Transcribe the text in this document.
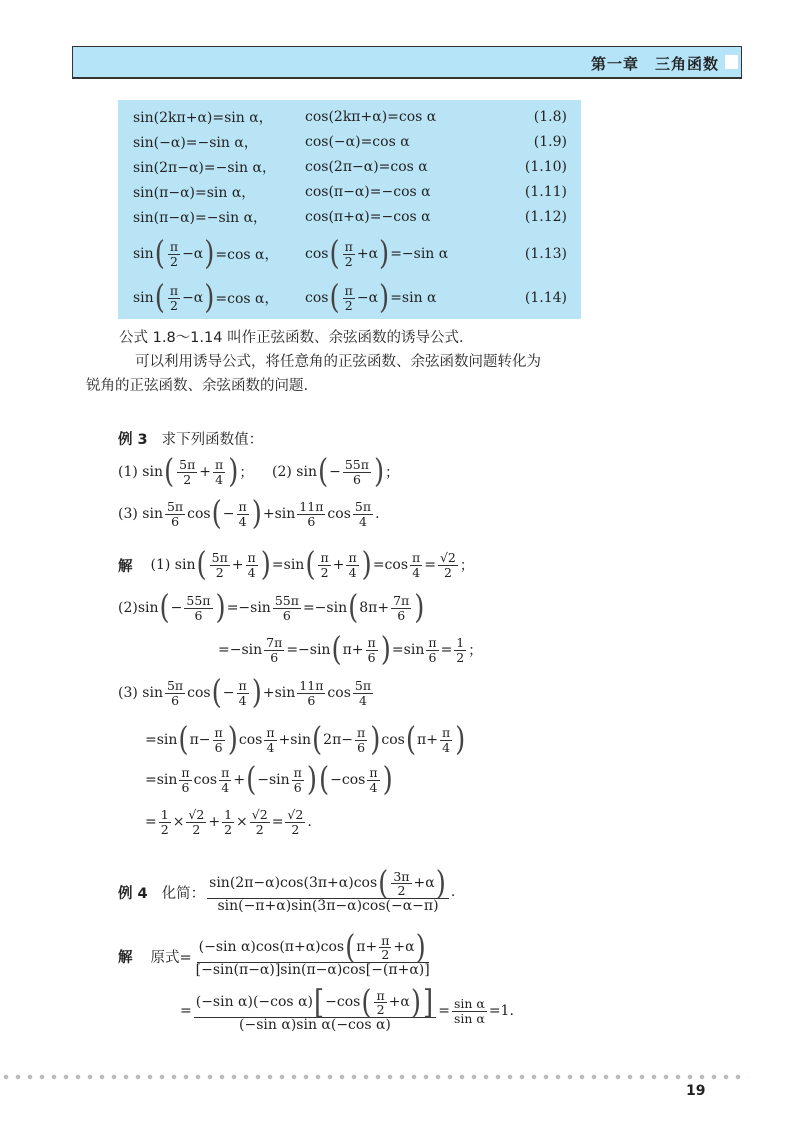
第一章　三角函数
sin(2kπ+α)=sin α， cos(2kπ+α)=cos α	(1.8)
sin(−α)=−sin α，	cos(−α)=cos α	(1.9)
sin(2π−α)=−sin α， cos(2π−α)=cos α	(1.10)
sin(π−α)=sin α，	cos(π−α)=−cos α	(1.11)
sin(π−α)=−sin α，	cos(π+α)=−cos α	(1.12)
sin ( $\frac{\pi}{2} -\alpha$ ) =cos α， cos ( $\frac{\pi}{2} +\alpha$ ) =−sin α	(1.13)
sin ( $\frac{\pi}{2} -\alpha$ ) =cos α， cos ( $\frac{\pi}{2} -\alpha$ ) =sin α	(1.14)
公式 1.8～1.14 叫作正弦函数、余弦函数的诱导公式.
可以利用诱导公式，将任意角的正弦函数、余弦函数问题转化为
锐角的正弦函数、余弦函数的问题.
例 3 求下列函数值：
(1) sin ( $\frac{5\pi}{2} + \frac{\pi}{4}$ ) ； (2) sin ( − $\frac{55\pi}{6}$ ) ；
(3) $\sin \frac{5\pi}{6}$ cos ( − $\frac{\pi}{4}$ ) $+\sin \frac{11\pi}{6}$ $\cos \frac{5\pi}{4}$ .
解 (1) sin ( $\frac{5\pi}{2} + \frac{\pi}{4}$ ) =sin ( $\frac{\pi}{2} + \frac{\pi}{4}$ ) $=\cos \frac{\pi}{4} = \frac{√2}{2}$ ；
(2)sin ( − $\frac{55\pi}{6}$ ) $=-\sin \frac{55\pi}{6} =-\sin$ ( $8\pi+ \frac{7\pi}{6}$ )
$=-\sin \frac{7\pi}{6} =-\sin$ ( $\pi+ \frac{\pi}{6}$ ) $=\sin \frac{\pi}{6} = \frac{1}{2}$ ；
(3) $\sin \frac{5\pi}{6}$ cos ( − $\frac{\pi}{4}$ ) $+\sin \frac{11\pi}{6}$ $\cos \frac{5\pi}{4}$
=sin ( $\pi- \frac{\pi}{6}$ ) $\cos \frac{\pi}{4} +\sin$ ( $2\pi- \frac{\pi}{6}$ ) cos ( $\pi+ \frac{\pi}{4}$ )
$=\sin \frac{\pi}{6}$ $\cos \frac{\pi}{4}$ + ( $-\sin \frac{\pi}{6}$ ) ( $-\cos \frac{\pi}{4}$ )
= $\frac{1}{2} \times \frac{√2}{2} + \frac{1}{2} \times \frac{√2}{2} = \frac{√2}{2}$ .
例 4 化简： $\frac{\sin(2\pi-\alpha)\cos(3\pi+\alpha)\cos ( \frac{3\pi}{2} +\alpha )}{\sin(-\pi+\alpha)\sin(3\pi-\alpha)\cos(-\alpha-\pi)}$ .
解 原式= $\frac{(-\sin \alpha)\cos(\pi+\alpha)\cos ( \pi+ \frac{\pi}{2} +\alpha )}{[-\sin(\pi-\alpha)]\sin(\pi-\alpha)\cos[-(\pi+\alpha)]}$
= $\frac{(-\sin \alpha)(-\cos \alpha) [ -\cos ( \frac{\pi}{2} +\alpha ) ]}{\text{(−sin α)sin α(−cos α)}} = \frac{\text{sin α}}{\text{sin α}} =1$.
19
